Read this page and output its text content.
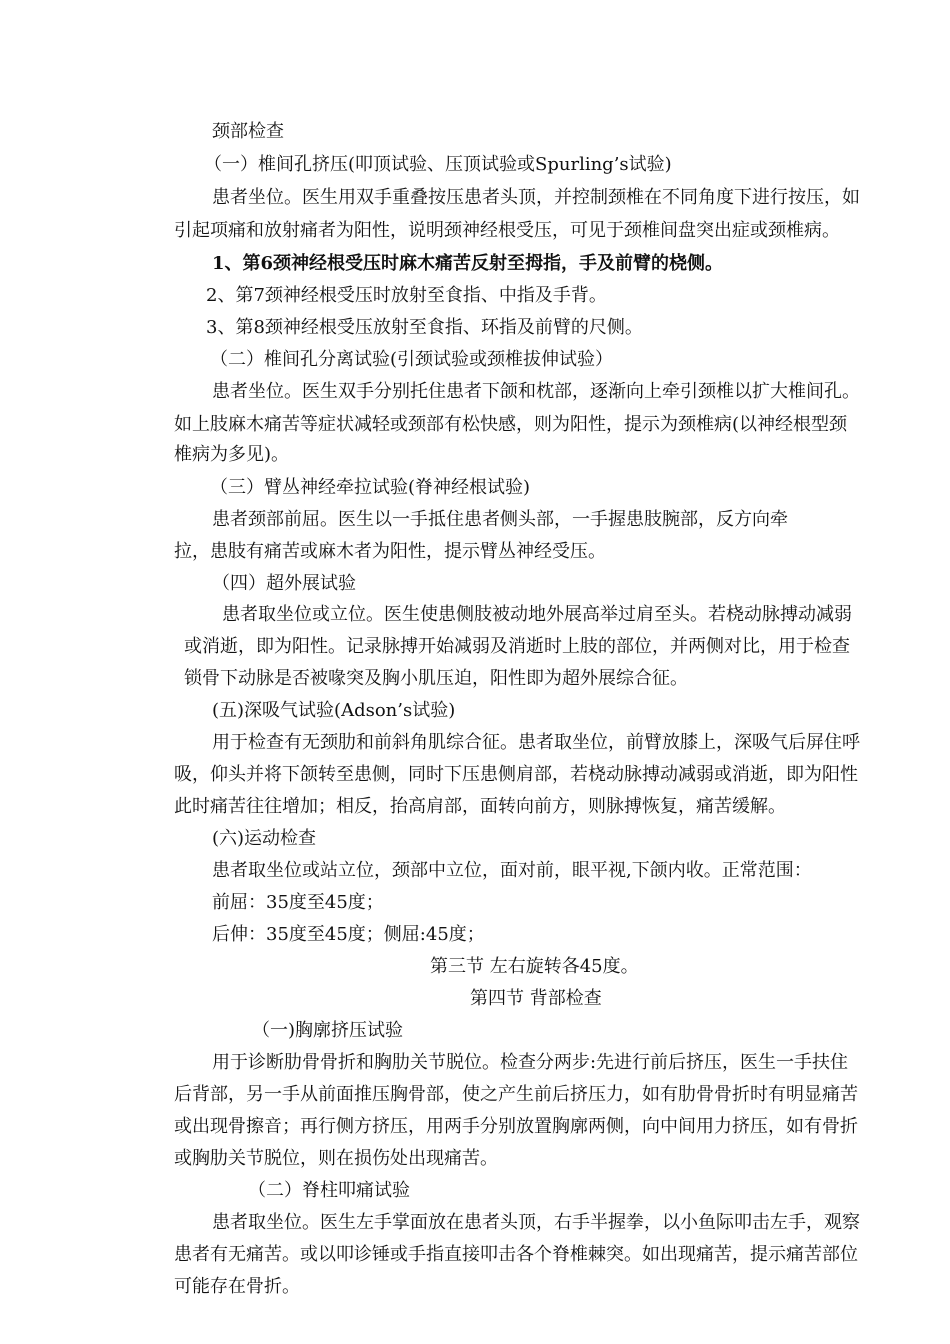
颈部检查
（一）椎间孔挤压(叩顶试验、压顶试验或Spurling’s试验)
患者坐位。医生用双手重叠按压患者头顶，并控制颈椎在不同角度下进行按压，如
引起项痛和放射痛者为阳性，说明颈神经根受压，可见于颈椎间盘突出症或颈椎病。
1、第6颈神经根受压时麻木痛苦反射至拇指，手及前臂的桡侧。
2、第7颈神经根受压时放射至食指、中指及手背。
3、第8颈神经根受压放射至食指、环指及前臂的尺侧。
（二）椎间孔分离试验(引颈试验或颈椎拔伸试验）
患者坐位。医生双手分别托住患者下颌和枕部，逐渐向上牵引颈椎以扩大椎间孔。
如上肢麻木痛苦等症状减轻或颈部有松快感，则为阳性，提示为颈椎病(以神经根型颈
椎病为多见)。
（三）臂丛神经牵拉试验(脊神经根试验)
患者颈部前屈。医生以一手抵住患者侧头部，一手握患肢腕部，反方向牵
拉，患肢有痛苦或麻木者为阳性，提示臂丛神经受压。
（四）超外展试验
患者取坐位或立位。医生使患侧肢被动地外展高举过肩至头。若桡动脉搏动减弱
或消逝，即为阳性。记录脉搏开始减弱及消逝时上肢的部位，并两侧对比，用于检查
锁骨下动脉是否被喙突及胸小肌压迫，阳性即为超外展综合征。
(五)深吸气试验(Adson’s试验)
用于检查有无颈肋和前斜角肌综合征。患者取坐位，前臂放膝上，深吸气后屏住呼
吸，仰头并将下颌转至患侧，同时下压患侧肩部，若桡动脉搏动减弱或消逝，即为阳性
此时痛苦往往增加；相反，抬高肩部，面转向前方，则脉搏恢复，痛苦缓解。
(六)运动检查
患者取坐位或站立位，颈部中立位，面对前，眼平视,下颌内收。正常范围：
前屈：35度至45度；
后伸：35度至45度；侧屈:45度；
第三节 左右旋转各45度。
第四节 背部检查
（一)胸廓挤压试验
用于诊断肋骨骨折和胸肋关节脱位。检查分两步:先进行前后挤压，医生一手扶住
后背部，另一手从前面推压胸骨部，使之产生前后挤压力，如有肋骨骨折时有明显痛苦
或出现骨擦音；再行侧方挤压，用两手分别放置胸廓两侧，向中间用力挤压，如有骨折
或胸肋关节脱位，则在损伤处出现痛苦。
（二）脊柱叩痛试验
患者取坐位。医生左手掌面放在患者头顶，右手半握拳，以小鱼际叩击左手，观察
患者有无痛苦。或以叩诊锤或手指直接叩击各个脊椎棘突。如出现痛苦，提示痛苦部位
可能存在骨折。
